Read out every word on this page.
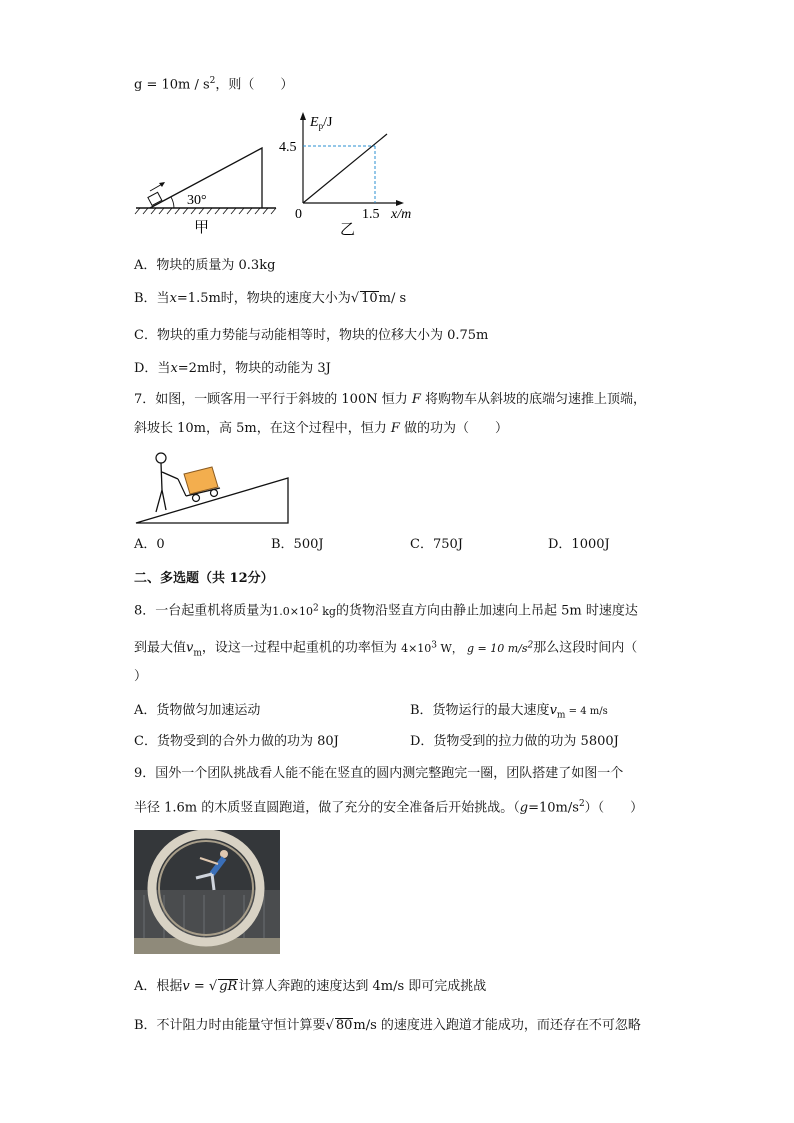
$g = 10m / s^2$，则（　　）
30°
甲
$E_p/J$
4.5
0	1.5 x/m
乙
A．物块的质量为 0.3kg
B．当x=1.5m时，物块的速度大小为√ 10m/ s
C．物块的重力势能与动能相等时，物块的位移大小为 0.75m
D．当x=2m时，物块的动能为 3J
7．如图，一顾客用一平行于斜坡的 100N 恒力 F 将购物车从斜坡的底端匀速推上顶端，
斜坡长 10m，高 5m，在这个过程中，恒力 F 做的功为（　　）
A．0	B．500J	C．750J	D．1000J
二、多选题（共 12分）
8．一台起重机将质量为$1.0\times 10^2$ kg的货物沿竖直方向由静止加速向上吊起 5m 时速度达
到最大值$v_m$，设这一过程中起重机的功率恒为 $4\times 10^3$ W， g = 10 $m/s^2$那么这段时间内（
）
A．货物做匀加速运动	B．货物运行的最大速度$v_m = 4$ m/s
C．货物受到的合外力做的功为 80J	D．货物受到的拉力做的功为 5800J
9．国外一个团队挑战看人能不能在竖直的圆内测完整跑完一圈，团队搭建了如图一个
半径 1.6m 的木质竖直圆跑道，做了充分的安全准备后开始挑战。$(g=10m/s^2)$（　　）
A．根据v = √ gR计算人奔跑的速度达到 4m/s 即可完成挑战
B．不计阻力时由能量守恒计算要√ 80m/s 的速度进入跑道才能成功，而还存在不可忽略
